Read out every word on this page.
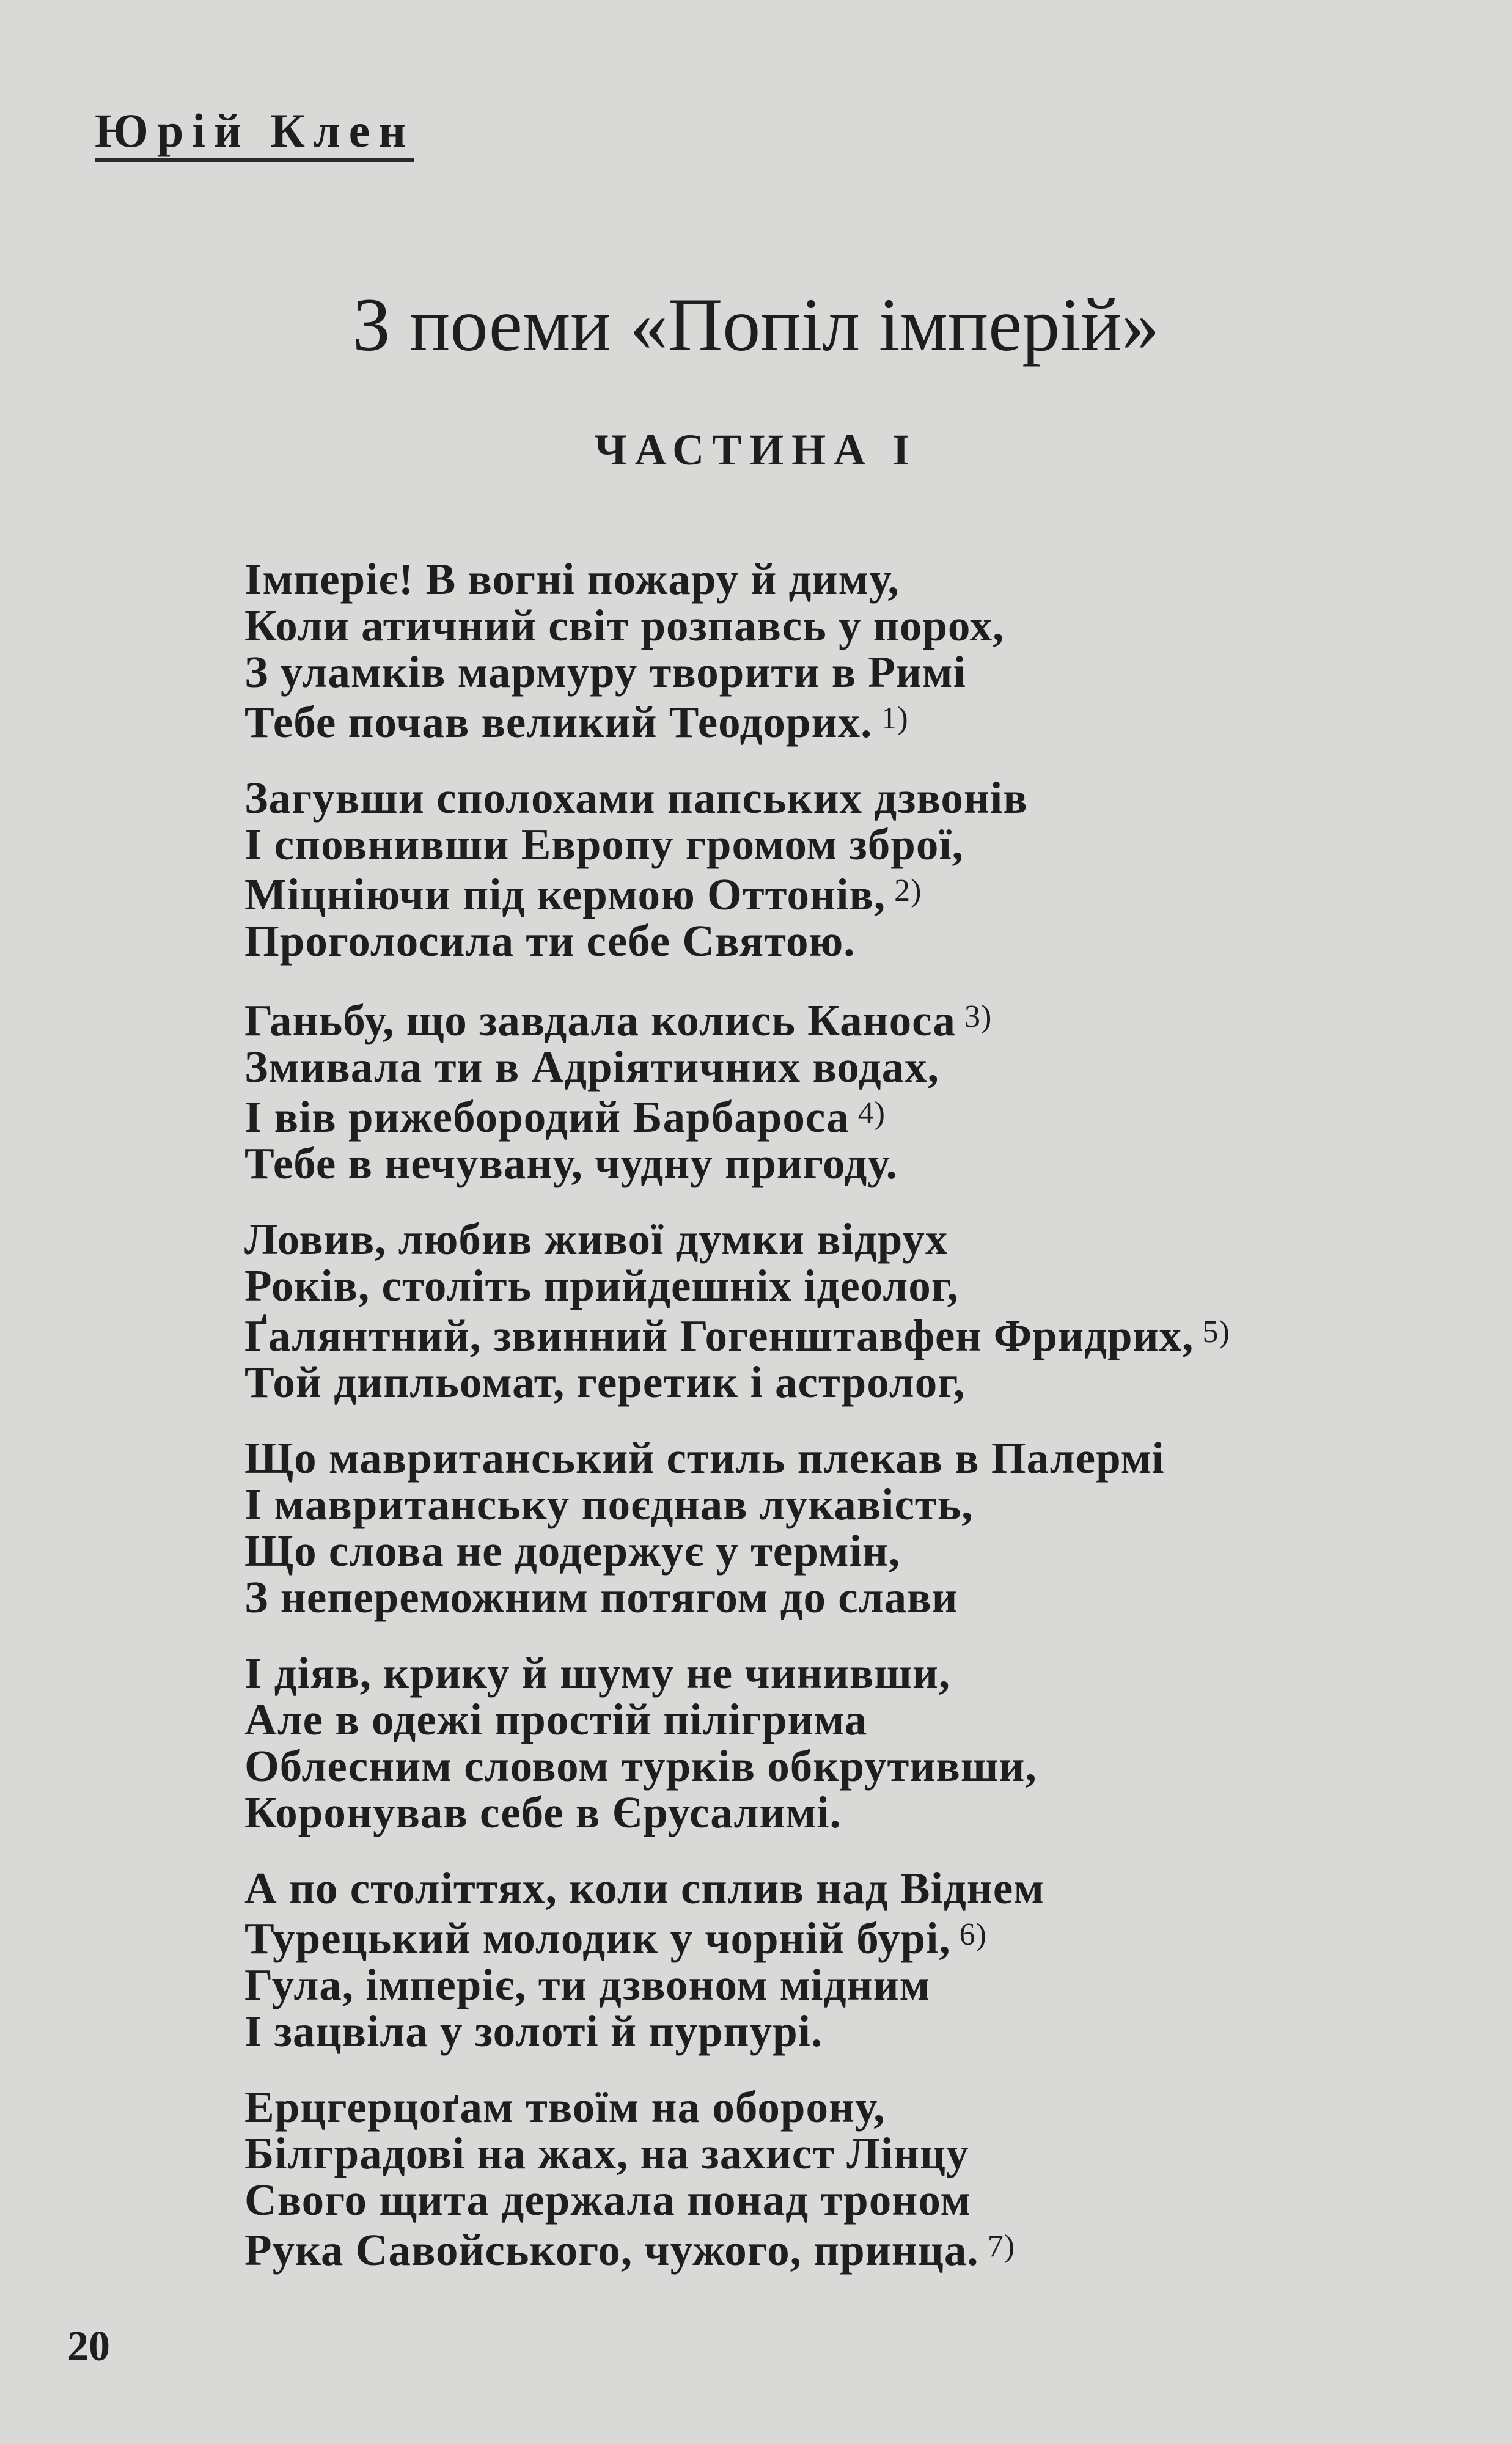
Юрій Клен
З поеми «Попіл імперій»
ЧАСТИНА І
Імперіє! В вогні пожару й диму,
Коли атичний світ розпавсь у порох,
З уламків мармуру творити в Римі
Тебе почав великий Теодорих. 1)
Загувши сполохами папських дзвонів
І сповнивши Европу громом зброї,
Міцніючи під кермою Оттонів, 2)
Проголосила ти себе Святою.
Ганьбу, що завдала колись Каноса 3)
Змивала ти в Адріятичних водах,
І вів рижебородий Барбароса 4)
Тебе в нечувану, чудну пригоду.
Ловив, любив живої думки відрух
Років, століть прийдешніх ідеолог,
Ґалянтний, звинний Гогенштавфен Фридрих, 5)
Той дипльомат, геретик і астролог,
Що мавританський стиль плекав в Палермі
І мавританську поєднав лукавість,
Що слова не додержує у термін,
З непереможним потягом до слави
І діяв, крику й шуму не чинивши,
Але в одежі простій пілігрима
Облесним словом турків обкрутивши,
Коронував себе в Єрусалимі.
А по століттях, коли сплив над Віднем
Турецький молодик у чорній бурі, 6)
Гула, імперіє, ти дзвоном мідним
І зацвіла у золоті й пурпурі.
Ерцгерцоґам твоїм на оборону,
Білградові на жах, на захист Лінцу
Свого щита держала понад троном
Рука Савойського, чужого, принца. 7)
20
